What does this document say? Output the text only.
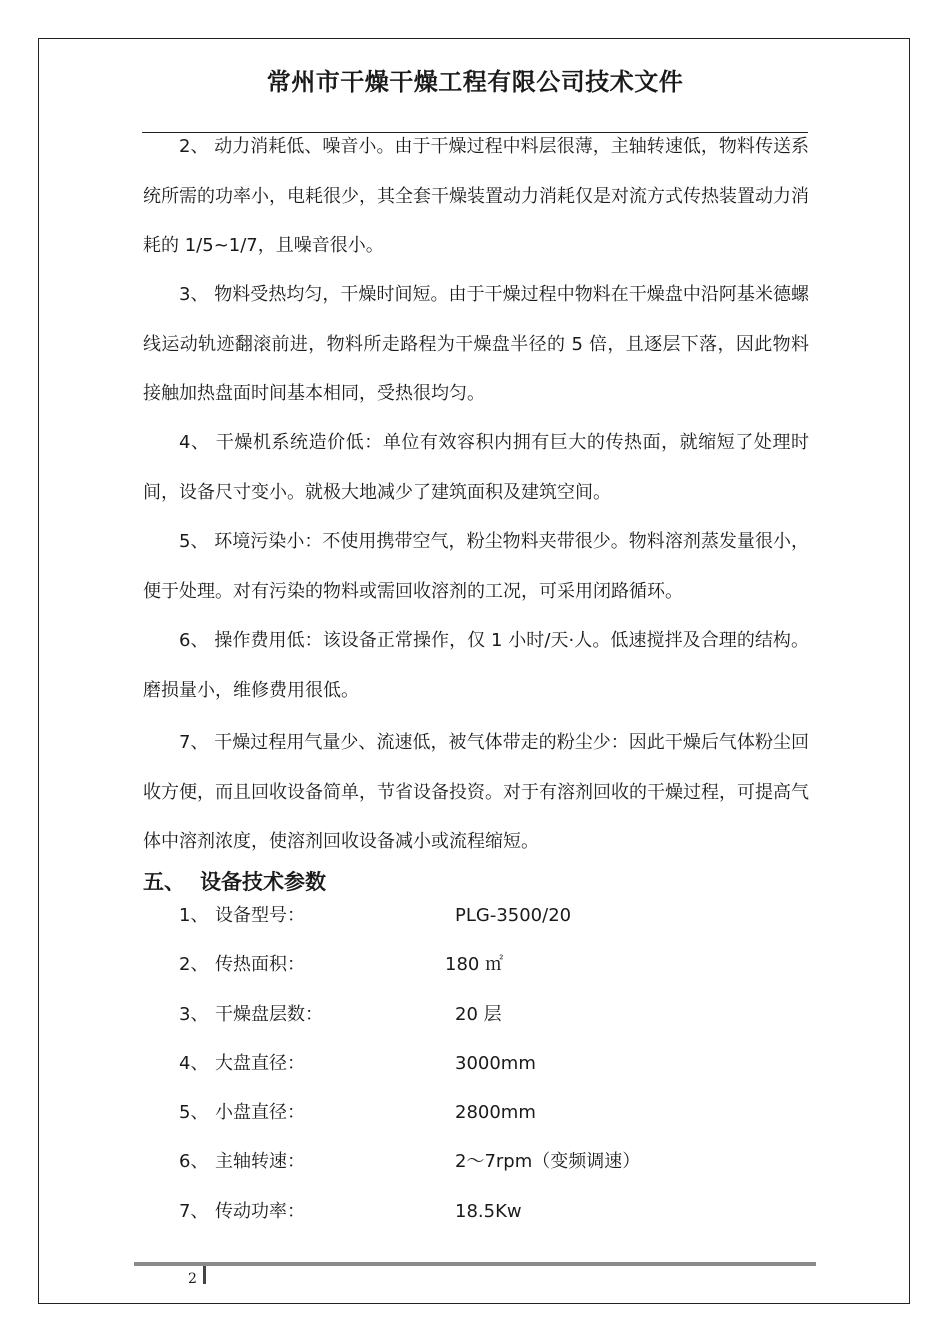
常州市干燥干燥工程有限公司技术文件

2、 动力消耗低、噪音小。由于干燥过程中料层很薄，主轴转速低，物料传送系统所需的功率小，电耗很少，其全套干燥装置动力消耗仅是对流方式传热装置动力消耗的 1/5~1/7，且噪音很小。

3、 物料受热均匀，干燥时间短。由于干燥过程中物料在干燥盘中沿阿基米德螺线运动轨迹翻滚前进，物料所走路程为干燥盘半径的 5 倍，且逐层下落，因此物料接触加热盘面时间基本相同，受热很均匀。

4、 干燥机系统造价低：单位有效容积内拥有巨大的传热面，就缩短了处理时间，设备尺寸变小。就极大地减少了建筑面积及建筑空间。

5、 环境污染小：不使用携带空气，粉尘物料夹带很少。物料溶剂蒸发量很小，便于处理。对有污染的物料或需回收溶剂的工况，可采用闭路循环。

6、 操作费用低：该设备正常操作，仅 1 小时/天·人。低速搅拌及合理的结构。磨损量小，维修费用很低。

7、 干燥过程用气量少、流速低，被气体带走的粉尘少：因此干燥后气体粉尘回收方便，而且回收设备简单，节省设备投资。对于有溶剂回收的干燥过程，可提高气体中溶剂浓度，使溶剂回收设备减小或流程缩短。

五、 设备技术参数
1、 设备型号：	PLG-3500/20
2、 传热面积：	180 ㎡
3、 干燥盘层数：	20 层
4、 大盘直径：	3000mm
5、 小盘直径：	2800mm
6、 主轴转速：	2～7rpm（变频调速）
7、 传动功率：	18.5Kw
2
